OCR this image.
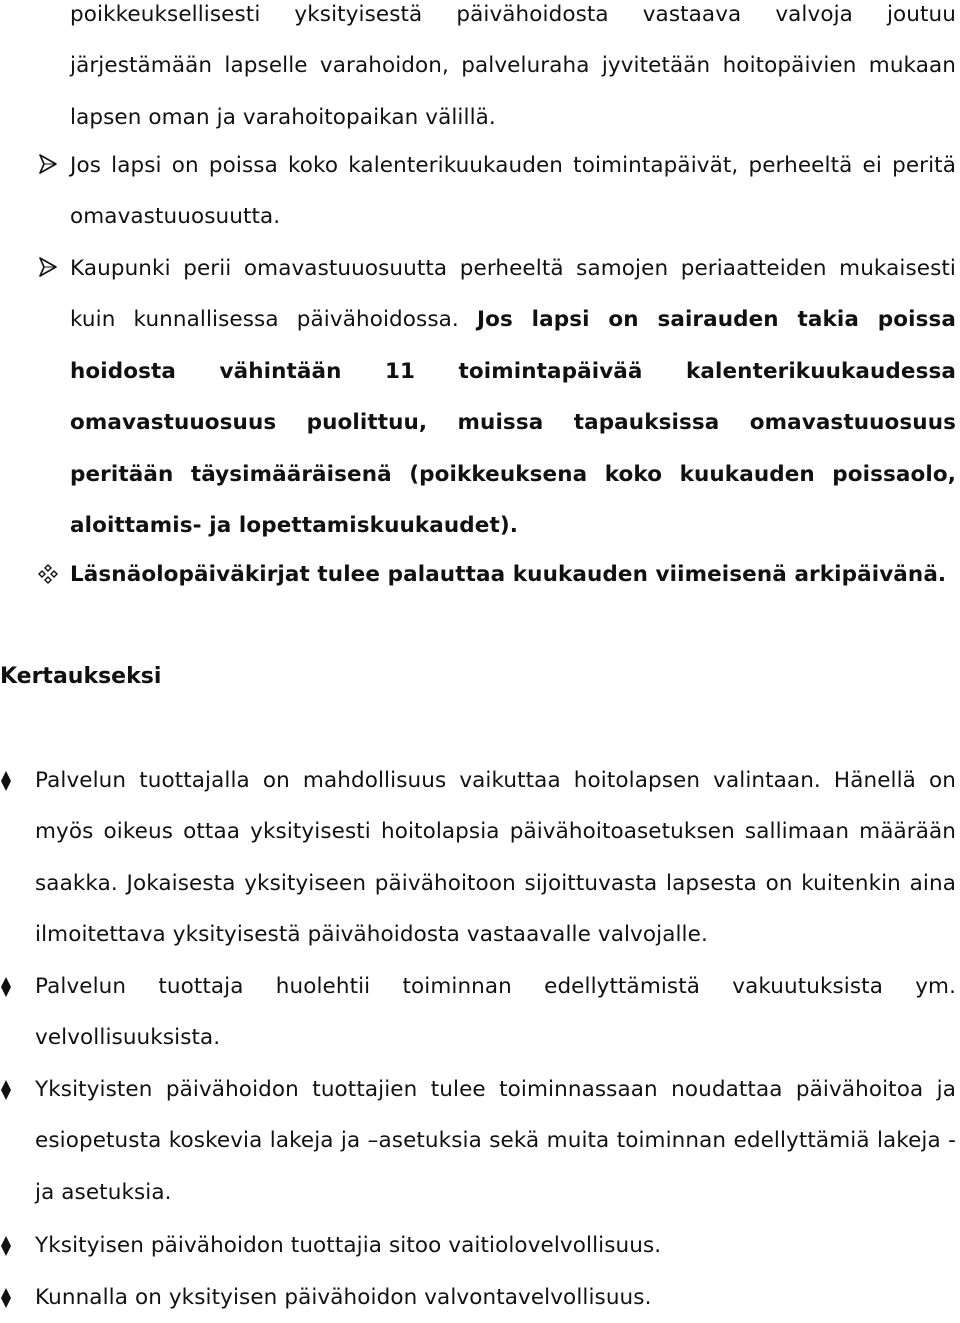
poikkeuksellisesti yksityisestä päivähoidosta vastaava valvoja joutuu järjestämään lapselle varahoidon, palveluraha jyvitetään hoitopäivien mukaan lapsen oman ja varahoitopaikan välillä.

Jos lapsi on poissa koko kalenterikuukauden toimintapäivät, perheeltä ei peritä omavastuuosuutta.

Kaupunki perii omavastuuosuutta perheeltä samojen periaatteiden mukaisesti kuin kunnallisessa päivähoidossa. Jos lapsi on sairauden takia poissa hoidosta vähintään 11 toimintapäivää kalenterikuukaudessa omavastuuosuus puolittuu, muissa tapauksissa omavastuuosuus peritään täysimääräisenä (poikkeuksena koko kuukauden poissaolo, aloittamis- ja lopettamiskuukaudet).

Läsnäolopäiväkirjat tulee palauttaa kuukauden viimeisenä arkipäivänä.

Kertaukseksi

Palvelun tuottajalla on mahdollisuus vaikuttaa hoitolapsen valintaan. Hänellä on myös oikeus ottaa yksityisesti hoitolapsia päivähoitoasetuksen sallimaan määrään saakka. Jokaisesta yksityiseen päivähoitoon sijoittuvasta lapsesta on kuitenkin aina ilmoitettava yksityisestä päivähoidosta vastaavalle valvojalle.

Palvelun tuottaja huolehtii toiminnan edellyttämistä vakuutuksista ym. velvollisuuksista.

Yksityisten päivähoidon tuottajien tulee toiminnassaan noudattaa päivähoitoa ja esiopetusta koskevia lakeja ja –asetuksia sekä muita toiminnan edellyttämiä lakeja - ja asetuksia.

Yksityisen päivähoidon tuottajia sitoo vaitiolovelvollisuus.

Kunnalla on yksityisen päivähoidon valvontavelvollisuus.
